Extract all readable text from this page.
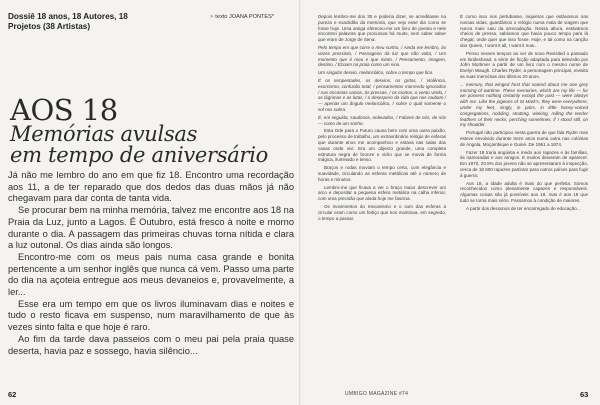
Dossiê 18 anos, 18 Autores, 18 Projetos (38 Artistas)
> texto JOANA PONTES*
AOS 18
Memórias avulsas
em tempo de aniversário

Já não me lembro do ano em que fiz 18. Encontro uma recordação aos 11, a de ter reparado que dos dedos das duas mãos já não chegavam para dar conta de tanta vida.

Se procurar bem na minha memória, talvez me encontre aos 18 na Praia da Luz, junto a Lagos. É Outubro, está fresco à noite e morno durante o dia. A passagem das primeiras chuvas torna nítida e clara a luz outonal. Os dias ainda são longos.

Encontro-me com os meus pais numa casa grande e bonita pertencente a um senhor inglês que nunca cá vem. Passo uma parte do dia na açoteia entregue aos meus devaneios e, provavelmente, a ler...

Esse era um tempo em que os livros iluminavam dias e noites e tudo o resto ficava em suspenso, num maravilhamento de que às vezes sinto falta e que hoje é raro.

Ao fim da tarde dava passeios com o meu pai pela praia quase deserta, havia paz e sossego, havia silêncio...

62

Depois lembro-me dos 30 e poderia dizer, se acreditasse na pureza e exactidão da memória, que vejo esse dia como se fosse hoje. Uma amiga ofereceu-me um livro de poesia e nele encontrei palavras que procurava há muito, sem saber saber que eram de Jorge de Sena:

Pelo tempo em que corre o meu sonho, / Ainda me lembro, às vezes pressinto, / Passageiro da luz que não volta, / Um momento que é meu e que minto. / Pensamento, imagem, destino, / Ecoam na praia como um sino.

Um singular desvio, melancólico, sobre o tempo que fica.

É os tempestades, os desvios, os gritos, / Violência, exorcismo, confusão total; / pensamentos morrendo ignorados / nas encostas vazias, às pressas, / os mortos, o vento vindo, / as lágrimas e as lutas, / o desespero da vida que nos roubam / — apenas um ângulo melancólico, / sobre o qual somente o sol nos sobra.

É, em seguida, saudosos, enlevados, / Falares de nós, de nós — como de um sonho.

Esta Ode para o Futuro causa bem com uma outra paixão, pelo processo de trabalho, um extraordinário relógio de esferas que durante anos me acompanhou e estava nas salas das casas onde vivi. Era um objecto grande, uma completa estrutura negra de bronze e vidro que se movia de forma mágica, iluminado e tenso.

Braços e rodas moviam o tempo certo, com elegância e suavidade, circulando as esferas metálicas até o número de horas e minutos.

Lembro-me que ficava a ver o braço maior descrever um arco e depositar a pequena esfera metálica na calha inferior, com uma precisão que ainda hoje me fascina.

Os movimentos do mecanismo e o som das esferas a circular eram como um feitiço que nos mostrava, em segredo, o tempo a passar.

É como isso nos pertubasse, inquietos que estávamos nas nossas vidas, guardámos o relógio numa mala de viagem que nunca mais saiu da arrecadação. Nessa altura, estávamos cheios de pressa, sabíamos que havia pouco tempo para lá chegar, onde quer que isso fosse. Hoje, e tal como na canção dos Queen, I wont it all, I want it now...

Penso nesses tempos ao ver de novo Revisited o passado em Brideshead, a série de ficção adaptada para televisão por John Mortimer a partir de um livro com o mesmo nome de Evelyn Waugh. Charles Ryder, a personagem principal, revisita as suas memórias dos últimos 20 anos.

... memory, that winged host that soared about me one grey morning of wartime. These memories, which are my life — for we possess nothing certainly except the past — were always with me. Like the pigeons of St Mark's, they were everywhere, under my feet, singly, in pairs, in little honey-voiced congregations, nodding, strutting, winking, rolling the tender feathers of their necks, perching sometimes, if I stood still, on my shoulder.

Portugal não participou nesta guerra de que fala Ryder mas esteve envolvido durante treze anos numa outra nas colónias de Angola, Moçambique e Guiné. De 1961 a 1974.

Fazer 18 traria angústia e medo aos rapazes e às famílias, às namoradas e aos amigos. E muitos deixaram de aparecer. Em 1970, 20.5% dos jovens não se apresentaram à inspecção, cerca de 18 600 rapazes partiram para outros países para fugir à guerra.

Aos 18, a idade adulta é mais do que perfeita. Somos reconhecidos como plenamente capazes e responsáveis. Algumas coisas são já possíveis aos 18, mas é aos 18 que tudo se torna mais sério. Passamos à condição de maiores.

A partir dos dessonos de ter encarregado de educação...

UMBIGO MAGAZINE #74	63
